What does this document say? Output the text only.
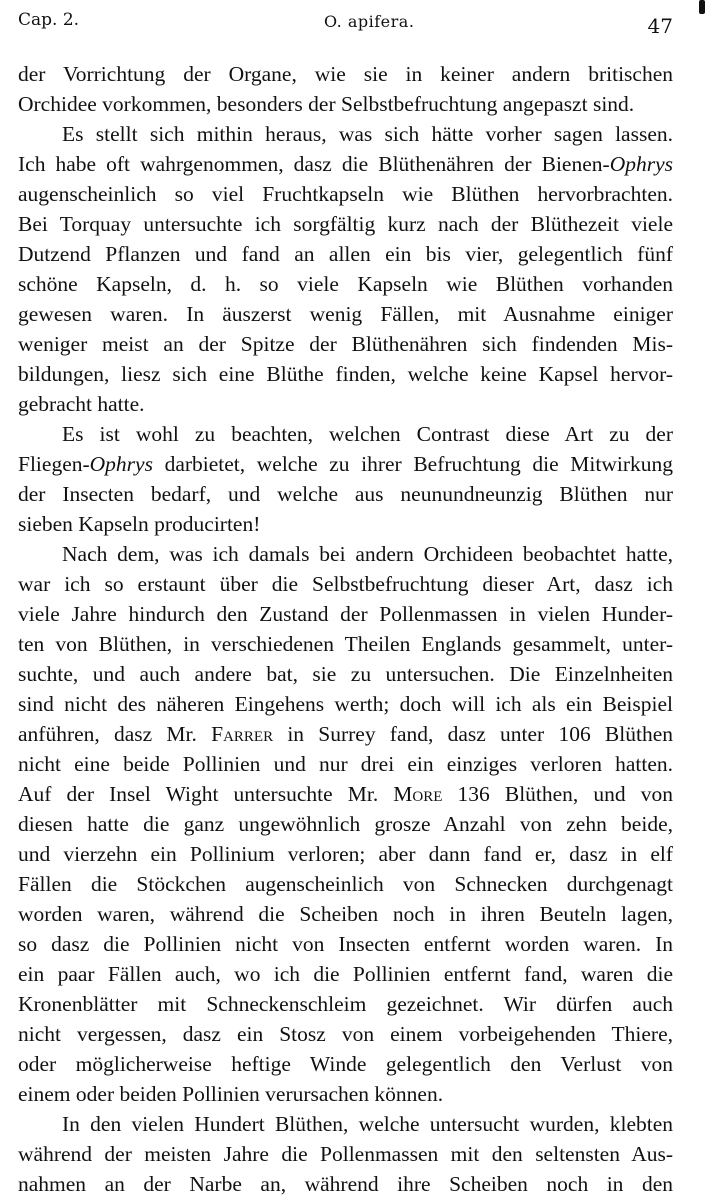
Cap. 2.	O. apifera.	47
der Vorrichtung der Organe, wie sie in keiner andern britischen
Orchidee vorkommen, besonders der Selbstbefruchtung angepaszt sind.
Es stellt sich mithin heraus, was sich hätte vorher sagen lassen.
Ich habe oft wahrgenommen, dasz die Blüthenähren der Bienen-Ophrys
augenscheinlich so viel Fruchtkapseln wie Blüthen hervorbrachten.
Bei Torquay untersuchte ich sorgfältig kurz nach der Blüthezeit viele
Dutzend Pflanzen und fand an allen ein bis vier, gelegentlich fünf
schöne Kapseln, d. h. so viele Kapseln wie Blüthen vorhanden
gewesen waren. In äuszerst wenig Fällen, mit Ausnahme einiger
weniger meist an der Spitze der Blüthenähren sich findenden Mis-
bildungen, liesz sich eine Blüthe finden, welche keine Kapsel hervor-
gebracht hatte.
Es ist wohl zu beachten, welchen Contrast diese Art zu der
Fliegen-Ophrys darbietet, welche zu ihrer Befruchtung die Mitwirkung
der Insecten bedarf, und welche aus neunundneunzig Blüthen nur
sieben Kapseln producirten!
Nach dem, was ich damals bei andern Orchideen beobachtet hatte,
war ich so erstaunt über die Selbstbefruchtung dieser Art, dasz ich
viele Jahre hindurch den Zustand der Pollenmassen in vielen Hunder-
ten von Blüthen, in verschiedenen Theilen Englands gesammelt, unter-
suchte, und auch andere bat, sie zu untersuchen. Die Einzelnheiten
sind nicht des näheren Eingehens werth; doch will ich als ein Beispiel
anführen, dasz Mr. Farrer in Surrey fand, dasz unter 106 Blüthen
nicht eine beide Pollinien und nur drei ein einziges verloren hatten.
Auf der Insel Wight untersuchte Mr. More 136 Blüthen, und von
diesen hatte die ganz ungewöhnlich grosze Anzahl von zehn beide,
und vierzehn ein Pollinium verloren; aber dann fand er, dasz in elf
Fällen die Stöckchen augenscheinlich von Schnecken durchgenagt
worden waren, während die Scheiben noch in ihren Beuteln lagen,
so dasz die Pollinien nicht von Insecten entfernt worden waren. In
ein paar Fällen auch, wo ich die Pollinien entfernt fand, waren die
Kronenblätter mit Schneckenschleim gezeichnet. Wir dürfen auch
nicht vergessen, dasz ein Stosz von einem vorbeigehenden Thiere,
oder möglicherweise heftige Winde gelegentlich den Verlust von
einem oder beiden Pollinien verursachen können.
In den vielen Hundert Blüthen, welche untersucht wurden, klebten
während der meisten Jahre die Pollenmassen mit den seltensten Aus-
nahmen an der Narbe an, während ihre Scheiben noch in den
